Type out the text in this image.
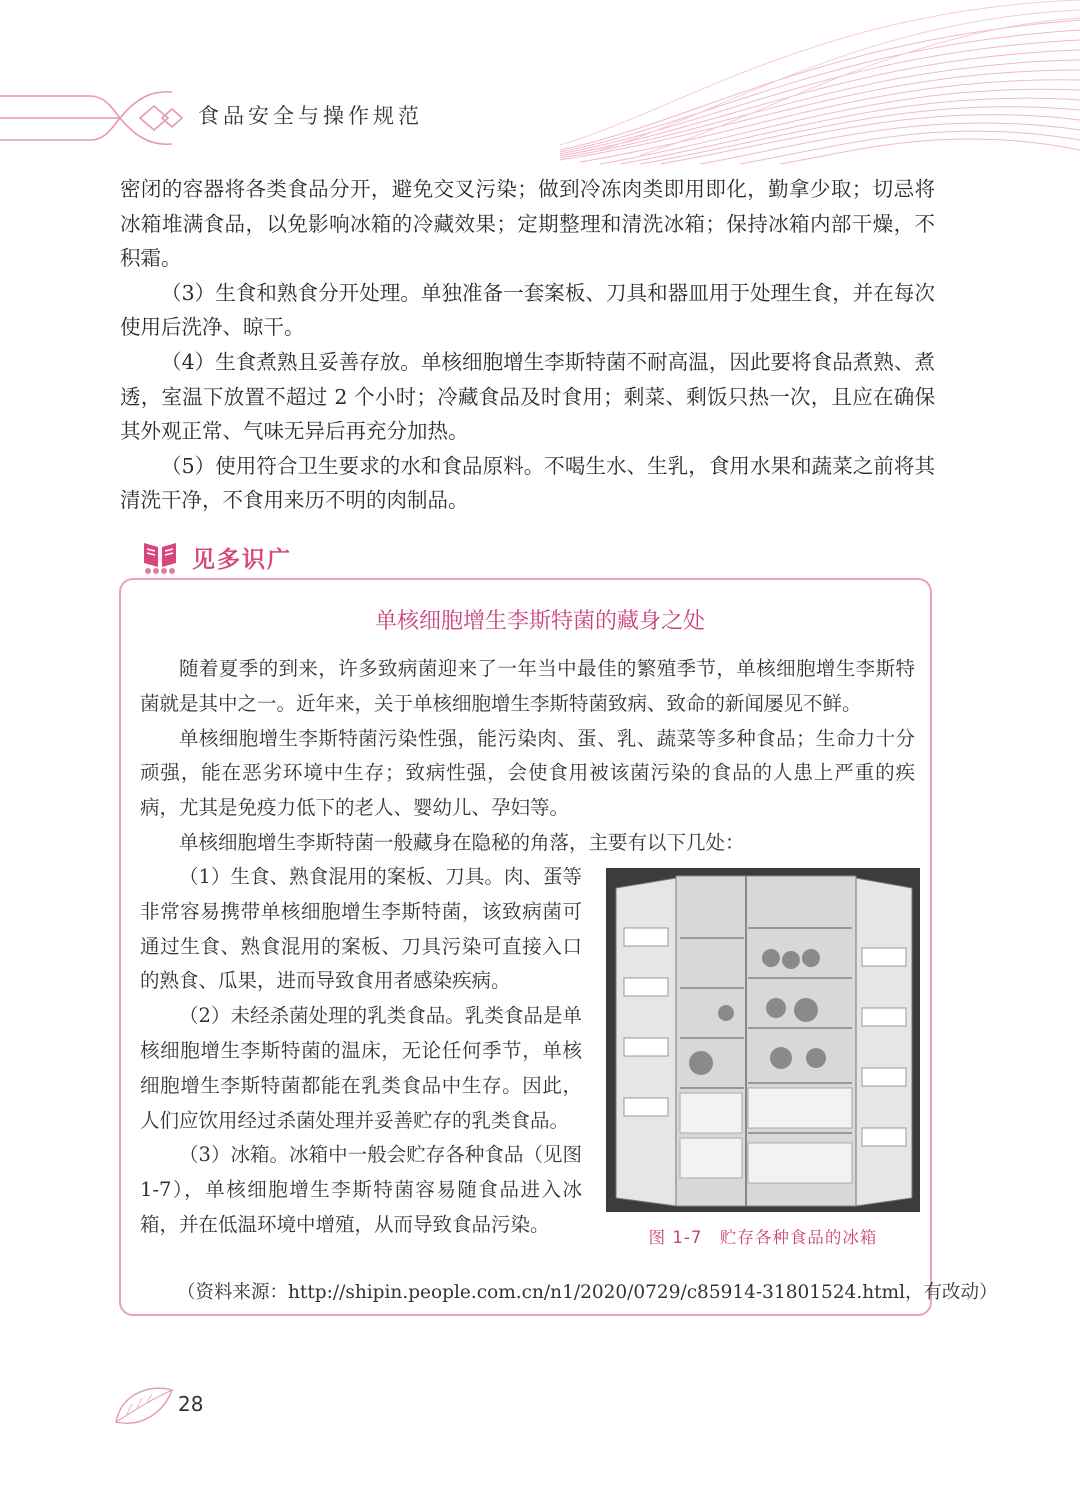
食品安全与操作规范

密闭的容器将各类食品分开，避免交叉污染；做到冷冻肉类即用即化，勤拿少取；切忌将冰箱堆满食品，以免影响冰箱的冷藏效果；定期整理和清洗冰箱；保持冰箱内部干燥，不积霜。

（3）生食和熟食分开处理。单独准备一套案板、刀具和器皿用于处理生食，并在每次使用后洗净、晾干。

（4）生食煮熟且妥善存放。单核细胞增生李斯特菌不耐高温，因此要将食品煮熟、煮透，室温下放置不超过 2 个小时；冷藏食品及时食用；剩菜、剩饭只热一次，且应在确保其外观正常、气味无异后再充分加热。

（5）使用符合卫生要求的水和食品原料。不喝生水、生乳，食用水果和蔬菜之前将其清洗干净，不食用来历不明的肉制品。

见多识广
单核细胞增生李斯特菌的藏身之处

随着夏季的到来，许多致病菌迎来了一年当中最佳的繁殖季节，单核细胞增生李斯特菌就是其中之一。近年来，关于单核细胞增生李斯特菌致病、致命的新闻屡见不鲜。

单核细胞增生李斯特菌污染性强，能污染肉、蛋、乳、蔬菜等多种食品；生命力十分顽强，能在恶劣环境中生存；致病性强，会使食用被该菌污染的食品的人患上严重的疾病，尤其是免疫力低下的老人、婴幼儿、孕妇等。

单核细胞增生李斯特菌一般藏身在隐秘的角落，主要有以下几处：

（1）生食、熟食混用的案板、刀具。肉、蛋等非常容易携带单核细胞增生李斯特菌，该致病菌可通过生食、熟食混用的案板、刀具污染可直接入口的熟食、瓜果，进而导致食用者感染疾病。

（2）未经杀菌处理的乳类食品。乳类食品是单核细胞增生李斯特菌的温床，无论任何季节，单核细胞增生李斯特菌都能在乳类食品中生存。因此，人们应饮用经过杀菌处理并妥善贮存的乳类食品。

（3）冰箱。冰箱中一般会贮存各种食品（见图 1-7），单核细胞增生李斯特菌容易随食品进入冰箱，并在低温环境中增殖，从而导致食品污染。

图 1-7　贮存各种食品的冰箱
（资料来源：http://shipin.people.com.cn/n1/2020/0729/c85914-31801524.html，有改动）
28
